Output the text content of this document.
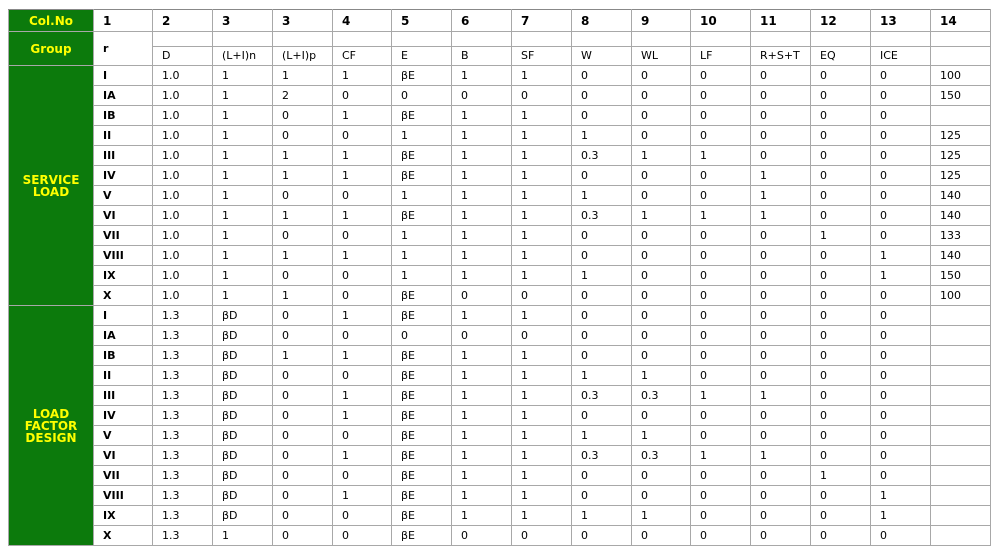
Col.No	1	2	3	3	4	5	6	7	8	9	10	11	12	13	14
Group	r														
		D	(L+I)n	(L+I)p	CF	E	B	SF	W	WL	LF	R+S+T	EQ	ICE	
SERVICE
LOAD	I	1.0	1	1	1	βE	1	1	0	0	0	0	0	0	100
	IA	1.0	1	2	0	0	0	0	0	0	0	0	0	0	150
	IB	1.0	1	0	1	βE	1	1	0	0	0	0	0	0	
	II	1.0	1	0	0	1	1	1	1	0	0	0	0	0	125
	III	1.0	1	1	1	βE	1	1	0.3	1	1	0	0	0	125
	IV	1.0	1	1	1	βE	1	1	0	0	0	1	0	0	125
	V	1.0	1	0	0	1	1	1	1	0	0	1	0	0	140
	VI	1.0	1	1	1	βE	1	1	0.3	1	1	1	0	0	140
	VII	1.0	1	0	0	1	1	1	0	0	0	0	1	0	133
	VIII	1.0	1	1	1	1	1	1	0	0	0	0	0	1	140
	IX	1.0	1	0	0	1	1	1	1	0	0	0	0	1	150
	X	1.0	1	1	0	βE	0	0	0	0	0	0	0	0	100
LOAD
FACTOR
DESIGN	I	1.3	βD	0	1	βE	1	1	0	0	0	0	0	0	
	IA	1.3	βD	0	0	0	0	0	0	0	0	0	0	0	
	IB	1.3	βD	1	1	βE	1	1	0	0	0	0	0	0	
	II	1.3	βD	0	0	βE	1	1	1	1	0	0	0	0	
	III	1.3	βD	0	1	βE	1	1	0.3	0.3	1	1	0	0	
	IV	1.3	βD	0	1	βE	1	1	0	0	0	0	0	0	
	V	1.3	βD	0	0	βE	1	1	1	1	0	0	0	0	
	VI	1.3	βD	0	1	βE	1	1	0.3	0.3	1	1	0	0	
	VII	1.3	βD	0	0	βE	1	1	0	0	0	0	1	0	
	VIII	1.3	βD	0	1	βE	1	1	0	0	0	0	0	1	
	IX	1.3	βD	0	0	βE	1	1	1	1	0	0	0	1	
	X	1.3	1	0	0	βE	0	0	0	0	0	0	0	0	
